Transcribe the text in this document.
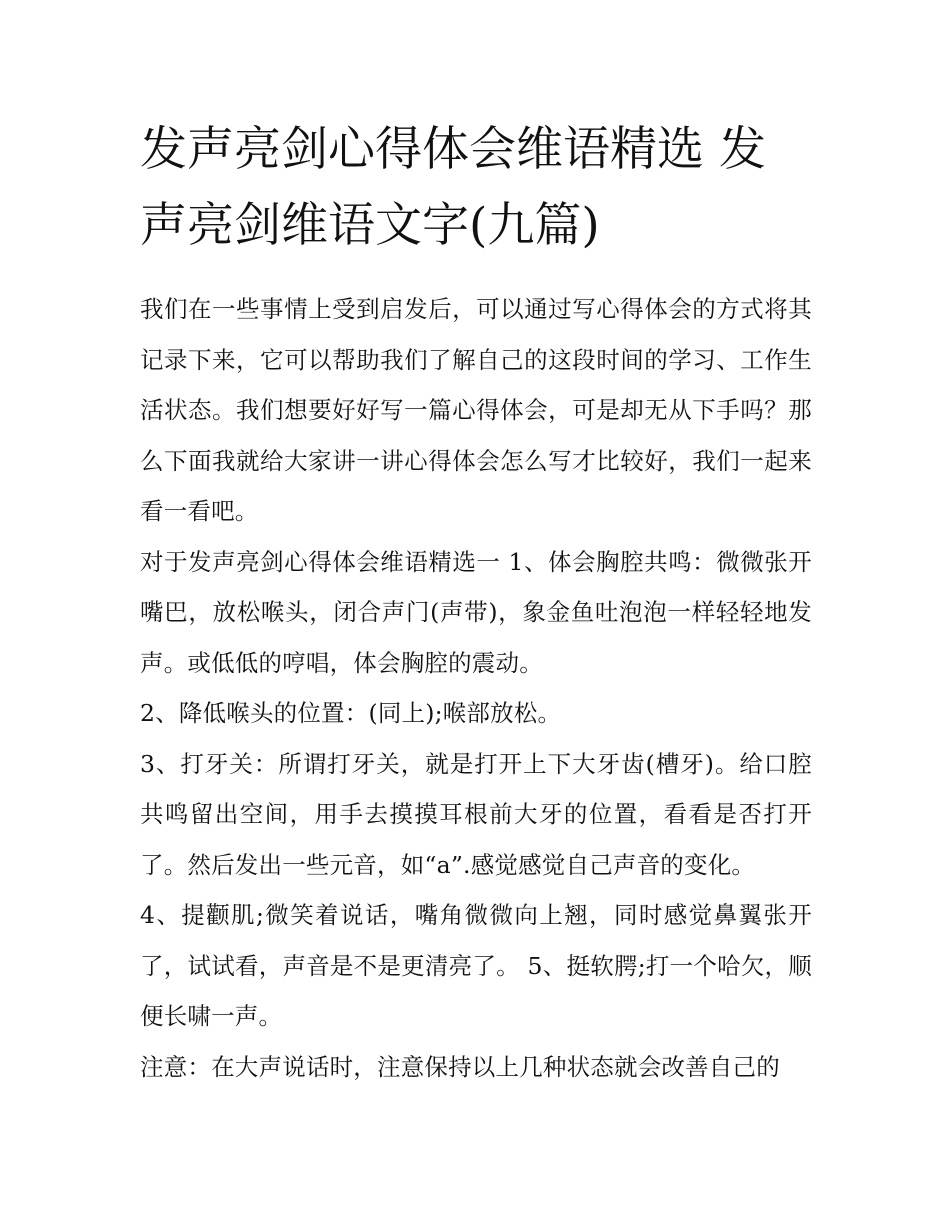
发声亮剑心得体会维语精选 发声亮剑维语文字(九篇)

我们在一些事情上受到启发后，可以通过写心得体会的方式将其记录下来，它可以帮助我们了解自己的这段时间的学习、工作生活状态。我们想要好好写一篇心得体会，可是却无从下手吗？那么下面我就给大家讲一讲心得体会怎么写才比较好，我们一起来看一看吧。

对于发声亮剑心得体会维语精选一 1、体会胸腔共鸣：微微张开嘴巴，放松喉头，闭合声门(声带)，象金鱼吐泡泡一样轻轻地发声。或低低的哼唱，体会胸腔的震动。

2、降低喉头的位置：(同上);喉部放松。

3、打牙关：所谓打牙关，就是打开上下大牙齿(槽牙)。给口腔共鸣留出空间，用手去摸摸耳根前大牙的位置，看看是否打开了。然后发出一些元音，如“a”.感觉感觉自己声音的变化。

4、提颧肌;微笑着说话，嘴角微微向上翘，同时感觉鼻翼张开了，试试看，声音是不是更清亮了。 5、挺软腭;打一个哈欠，顺便长啸一声。

注意：在大声说话时，注意保持以上几种状态就会改善自己的
